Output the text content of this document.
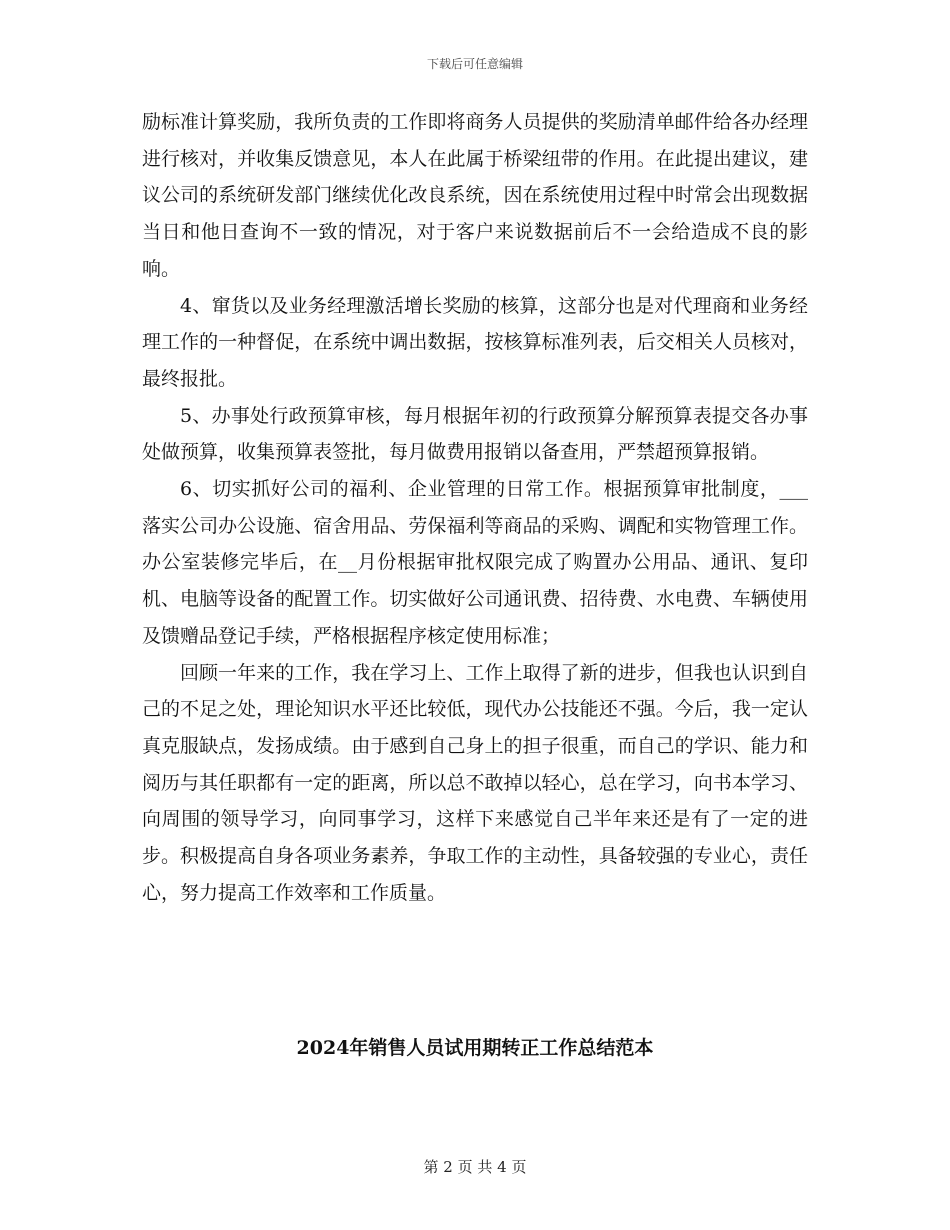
下载后可任意编辑

励标准计算奖励，我所负责的工作即将商务人员提供的奖励清单邮件给各办经理进行核对，并收集反馈意见，本人在此属于桥梁纽带的作用。在此提出建议，建议公司的系统研发部门继续优化改良系统，因在系统使用过程中时常会出现数据当日和他日查询不一致的情况，对于客户来说数据前后不一会给造成不良的影响。

4、窜货以及业务经理激活增长奖励的核算，这部分也是对代理商和业务经理工作的一种督促，在系统中调出数据，按核算标准列表，后交相关人员核对，最终报批。

5、办事处行政预算审核，每月根据年初的行政预算分解预算表提交各办事处做预算，收集预算表签批，每月做费用报销以备查用，严禁超预算报销。

6、切实抓好公司的福利、企业管理的日常工作。根据预算审批制度，___落实公司办公设施、宿舍用品、劳保福利等商品的采购、调配和实物管理工作。办公室装修完毕后，在__月份根据审批权限完成了购置办公用品、通讯、复印机、电脑等设备的配置工作。切实做好公司通讯费、招待费、水电费、车辆使用及馈赠品登记手续，严格根据程序核定使用标准；

回顾一年来的工作，我在学习上、工作上取得了新的进步，但我也认识到自己的不足之处，理论知识水平还比较低，现代办公技能还不强。今后，我一定认真克服缺点，发扬成绩。由于感到自己身上的担子很重，而自己的学识、能力和阅历与其任职都有一定的距离，所以总不敢掉以轻心，总在学习，向书本学习、向周围的领导学习，向同事学习，这样下来感觉自己半年来还是有了一定的进步。积极提高自身各项业务素养，争取工作的主动性，具备较强的专业心，责任心，努力提高工作效率和工作质量。

2024年销售人员试用期转正工作总结范本
第 2 页 共 4 页
